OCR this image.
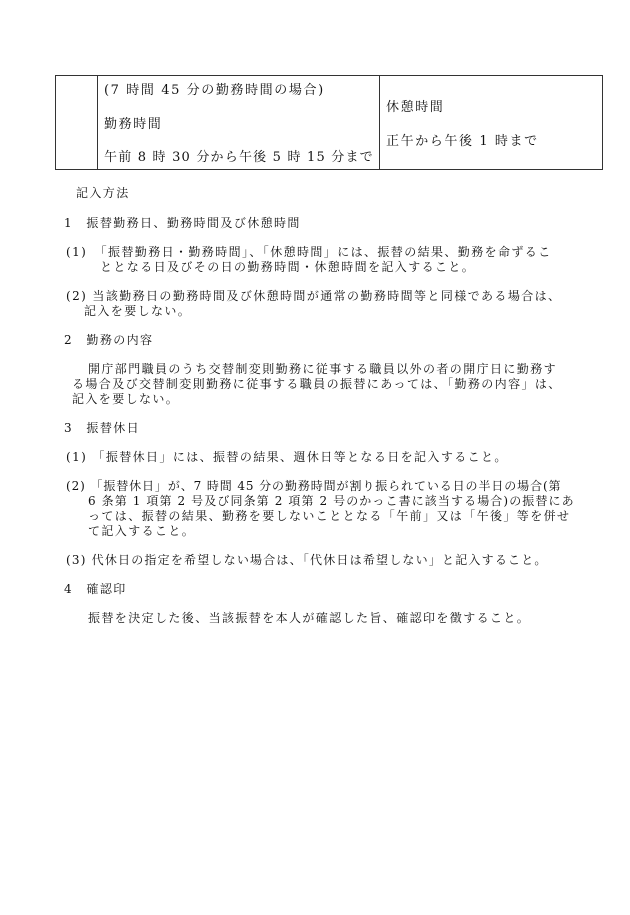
(7 時間 45 分の勤務時間の場合)
勤務時間
午前 8 時 30 分から午後 5 時 15 分まで
休憩時間
正午から午後 1 時まで
記入方法
1　振替勤務日、勤務時間及び休憩時間
(1)　「振替勤務日・勤務時間」、「休憩時間」には、振替の結果、勤務を命ずるこ
ととなる日及びその日の勤務時間・休憩時間を記入すること。
(2) 当該勤務日の勤務時間及び休憩時間が通常の勤務時間等と同様である場合は、
記入を要しない。
2　勤務の内容
開庁部門職員のうち交替制変則勤務に従事する職員以外の者の開庁日に勤務す
る場合及び交替制変則勤務に従事する職員の振替にあっては、「勤務の内容」は、
記入を要しない。
3　振替休日
(1) 「振替休日」には、振替の結果、週休日等となる日を記入すること。
(2) 「振替休日」が、7 時間 45 分の勤務時間が割り振られている日の半日の場合(第
6 条第 1 項第 2 号及び同条第 2 項第 2 号のかっこ書に該当する場合)の振替にあ
っては、振替の結果、勤務を要しないこととなる「午前」又は「午後」等を併せ
て記入すること。
(3) 代休日の指定を希望しない場合は、「代休日は希望しない」と記入すること。
4　確認印
振替を決定した後、当該振替を本人が確認した旨、確認印を徴すること。
